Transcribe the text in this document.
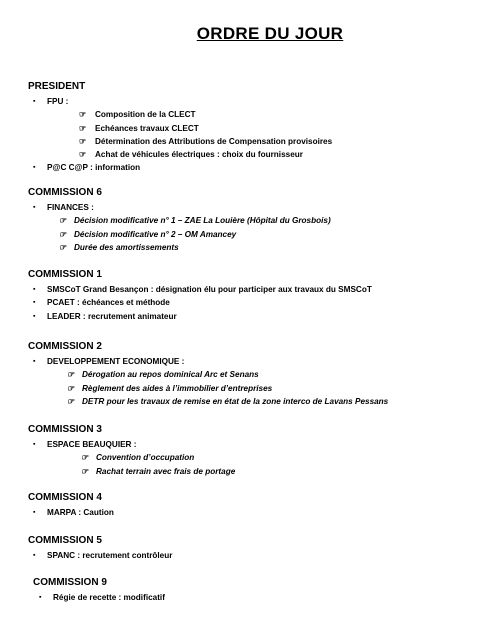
ORDRE DU JOUR
PRESIDENT
▪ FPU :
☞ Composition de la CLECT
☞ Echéances travaux CLECT
☞ Détermination des Attributions de Compensation provisoires
☞ Achat de véhicules électriques : choix du fournisseur
▪ P@C C@P : information
COMMISSION 6
▪ FINANCES :
☞ Décision modificative n° 1 – ZAE La Louière (Hôpital du Grosbois)
☞ Décision modificative n° 2 – OM Amancey
☞ Durée des amortissements
COMMISSION 1
▪ SMSCoT Grand Besançon : désignation élu pour participer aux travaux du SMSCoT
▪ PCAET : échéances et méthode
▪ LEADER : recrutement animateur
COMMISSION 2
▪ DEVELOPPEMENT ECONOMIQUE :
☞ Dérogation au repos dominical Arc et Senans
☞ Règlement des aides à l’immobilier d’entreprises
☞ DETR pour les travaux de remise en état de la zone interco de Lavans Pessans
COMMISSION 3
▪ ESPACE BEAUQUIER :
☞ Convention d’occupation
☞ Rachat terrain avec frais de portage
COMMISSION 4
▪ MARPA : Caution
COMMISSION 5
▪ SPANC : recrutement contrôleur
COMMISSION 9
▪ Régie de recette : modificatif
